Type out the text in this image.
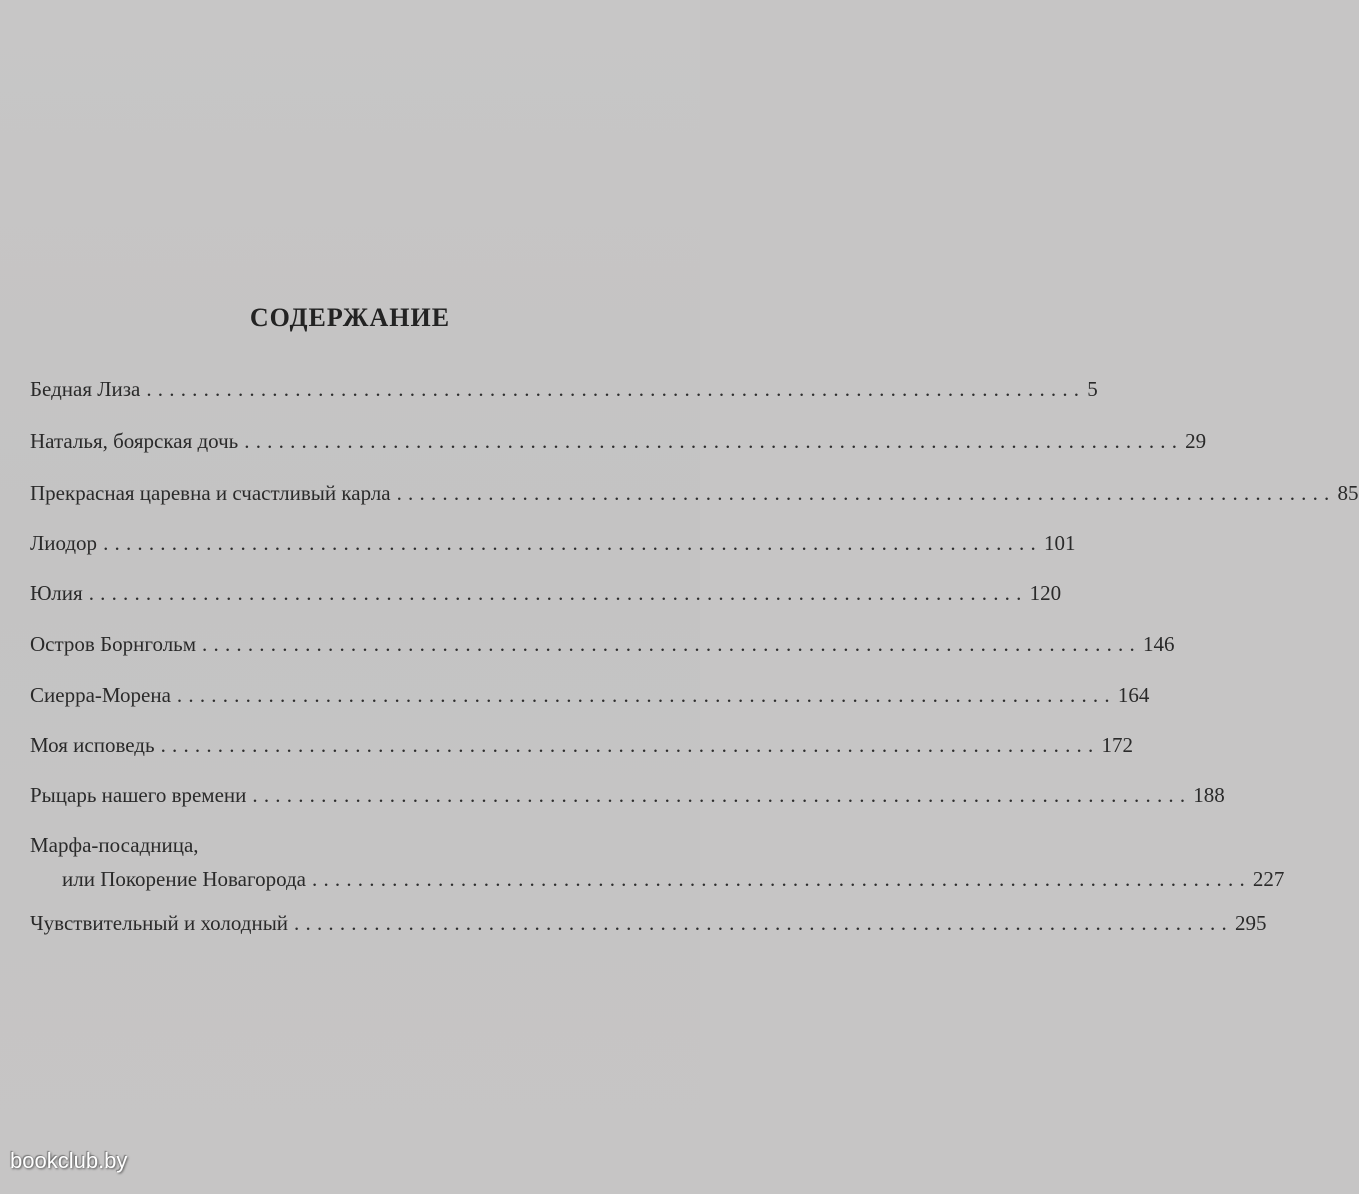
СОДЕРЖАНИЕ
Бедная Лиза .................................................................................. 5
Наталья, боярская дочь .................................................................................. 29
Прекрасная царевна и счастливый карла .................................................................................. 85
Лиодор .................................................................................. 101
Юлия .................................................................................. 120
Остров Борнгольм .................................................................................. 146
Сиерра-Морена .................................................................................. 164
Моя исповедь .................................................................................. 172
Рыцарь нашего времени .................................................................................. 188
Марфа-посадница,
или Покорение Новагорода .................................................................................. 227
Чувствительный и холодный .................................................................................. 295
bookclub.by
